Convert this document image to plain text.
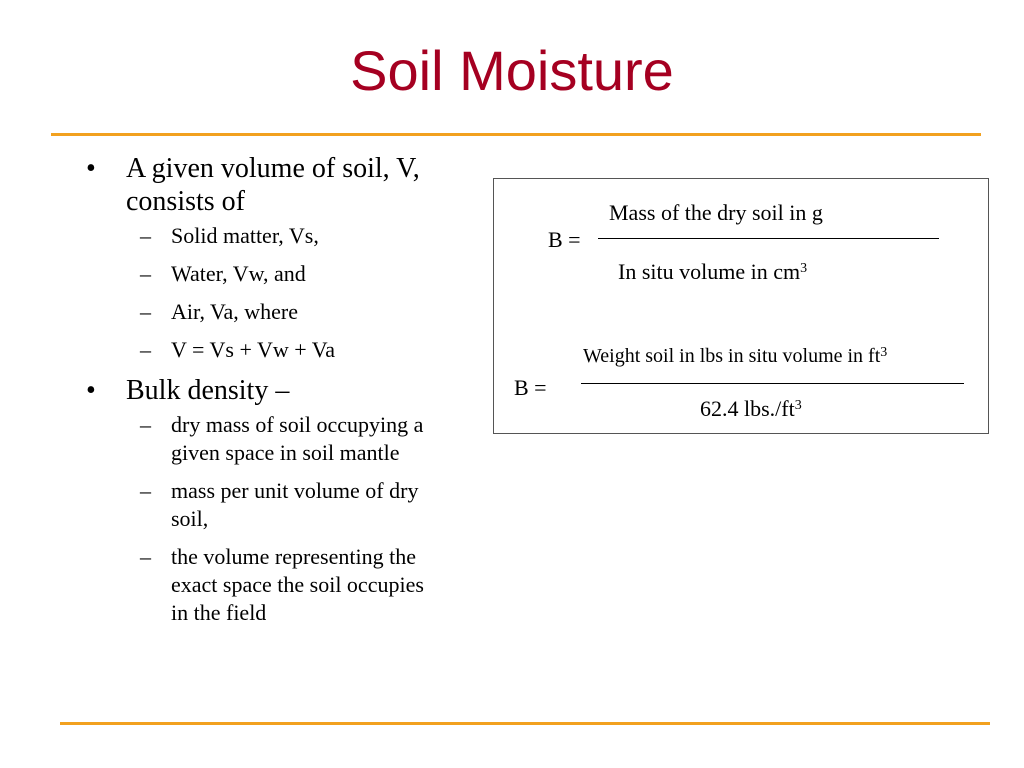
Soil Moisture
• A given volume of soil, V, consists of
– Solid matter, Vs,
– Water, Vw, and
– Air, Va, where
– V = Vs + Vw + Va
• Bulk density –
– dry mass of soil occupying a given space in soil mantle
– mass per unit volume of dry soil,
– the volume representing the exact space the soil occupies in the field
Mass of the dry soil in g
B =
In situ volume in $cm^3$
Weight soil in lbs in situ volume in $ft^3$
B =
62.4 $lbs./ft^3$
